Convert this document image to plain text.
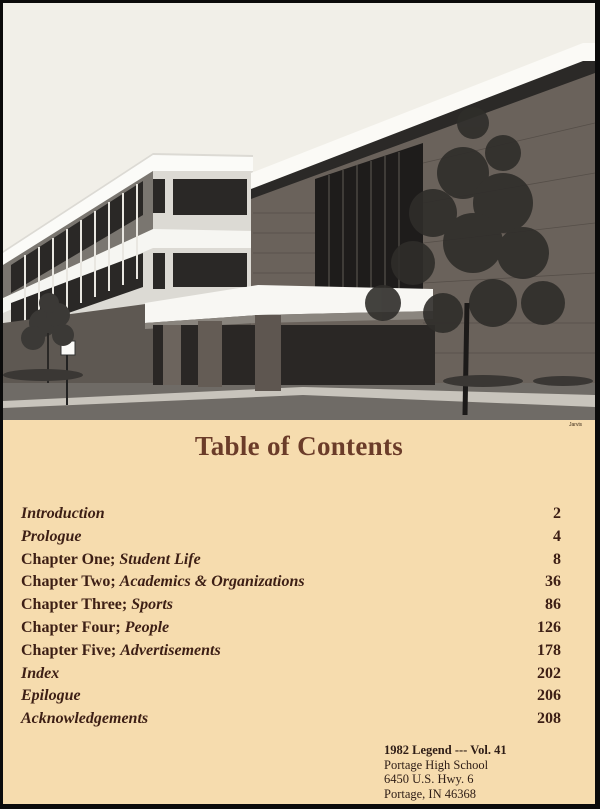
Jarvis
Table of Contents
Introduction	2
Prologue	4
Chapter One; Student Life	8
Chapter Two; Academics & Organizations	36
Chapter Three; Sports	86
Chapter Four; People	126
Chapter Five; Advertisements	178
Index	202
Epilogue	206
Acknowledgements	208
1982 Legend --- Vol. 41
Portage High School
6450 U.S. Hwy. 6
Portage, IN 46368
